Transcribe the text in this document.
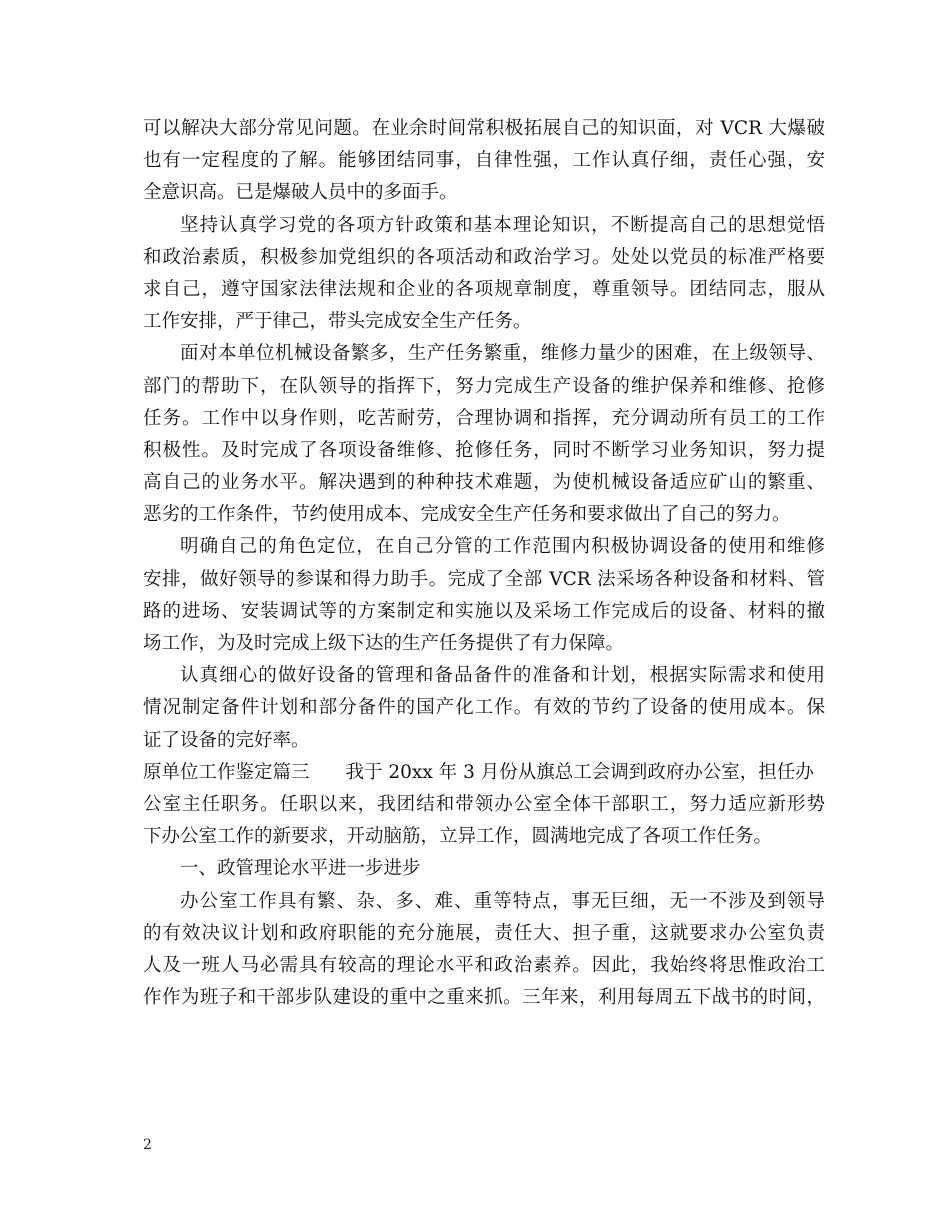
可以解决大部分常见问题。在业余时间常积极拓展自己的知识面，对 VCR 大爆破
也有一定程度的了解。能够团结同事，自律性强，工作认真仔细，责任心强，安
全意识高。已是爆破人员中的多面手。
坚持认真学习党的各项方针政策和基本理论知识，不断提高自己的思想觉悟
和政治素质，积极参加党组织的各项活动和政治学习。处处以党员的标准严格要
求自己，遵守国家法律法规和企业的各项规章制度，尊重领导。团结同志，服从
工作安排，严于律己，带头完成安全生产任务。
面对本单位机械设备繁多，生产任务繁重，维修力量少的困难，在上级领导、
部门的帮助下，在队领导的指挥下，努力完成生产设备的维护保养和维修、抢修
任务。工作中以身作则，吃苦耐劳，合理协调和指挥，充分调动所有员工的工作
积极性。及时完成了各项设备维修、抢修任务，同时不断学习业务知识，努力提
高自己的业务水平。解决遇到的种种技术难题，为使机械设备适应矿山的繁重、
恶劣的工作条件，节约使用成本、完成安全生产任务和要求做出了自己的努力。
明确自己的角色定位，在自己分管的工作范围内积极协调设备的使用和维修
安排，做好领导的参谋和得力助手。完成了全部 VCR 法采场各种设备和材料、管
路的进场、安装调试等的方案制定和实施以及采场工作完成后的设备、材料的撤
场工作，为及时完成上级下达的生产任务提供了有力保障。
认真细心的做好设备的管理和备品备件的准备和计划，根据实际需求和使用
情况制定备件计划和部分备件的国产化工作。有效的节约了设备的使用成本。保
证了设备的完好率。
原单位工作鉴定篇三 我于 20xx 年 3 月份从旗总工会调到政府办公室，担任办
公室主任职务。任职以来，我团结和带领办公室全体干部职工，努力适应新形势
下办公室工作的新要求，开动脑筋，立异工作，圆满地完成了各项工作任务。
一、政管理论水平进一步进步
办公室工作具有繁、杂、多、难、重等特点，事无巨细，无一不涉及到领导
的有效决议计划和政府职能的充分施展，责任大、担子重，这就要求办公室负责
人及一班人马必需具有较高的理论水平和政治素养。因此，我始终将思惟政治工
作作为班子和干部步队建设的重中之重来抓。三年来，利用每周五下战书的时间，
2
